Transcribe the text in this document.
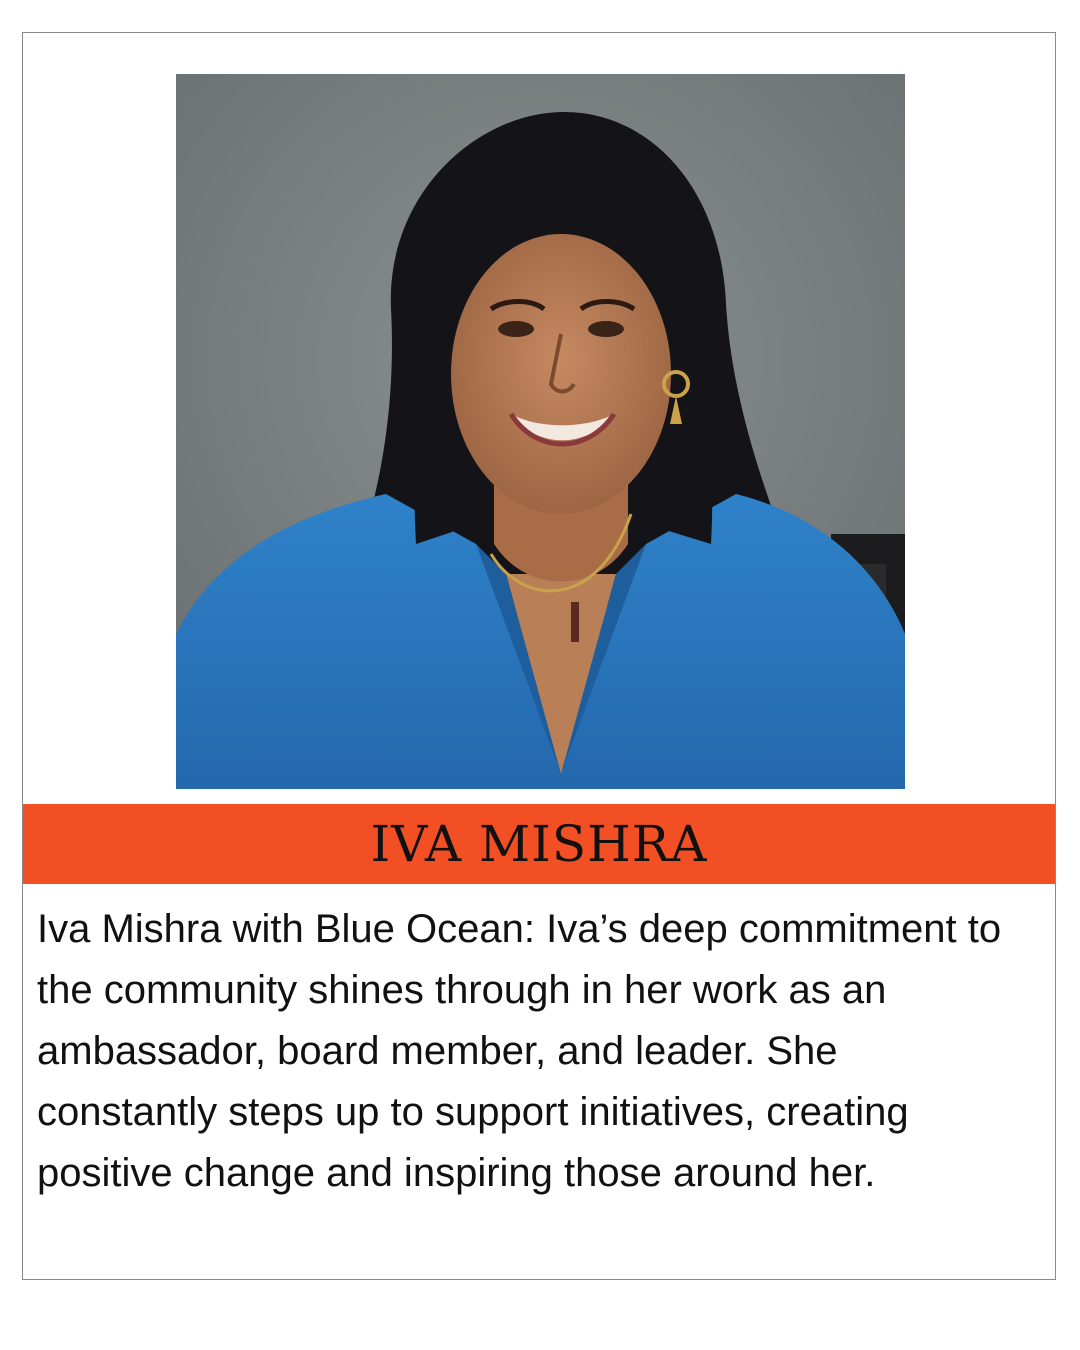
IVA MISHRA

Iva Mishra with Blue Ocean: Iva’s deep commitment to the community shines through in her work as an ambassador, board member, and leader. She constantly steps up to support initiatives, creating positive change and inspiring those around her.
